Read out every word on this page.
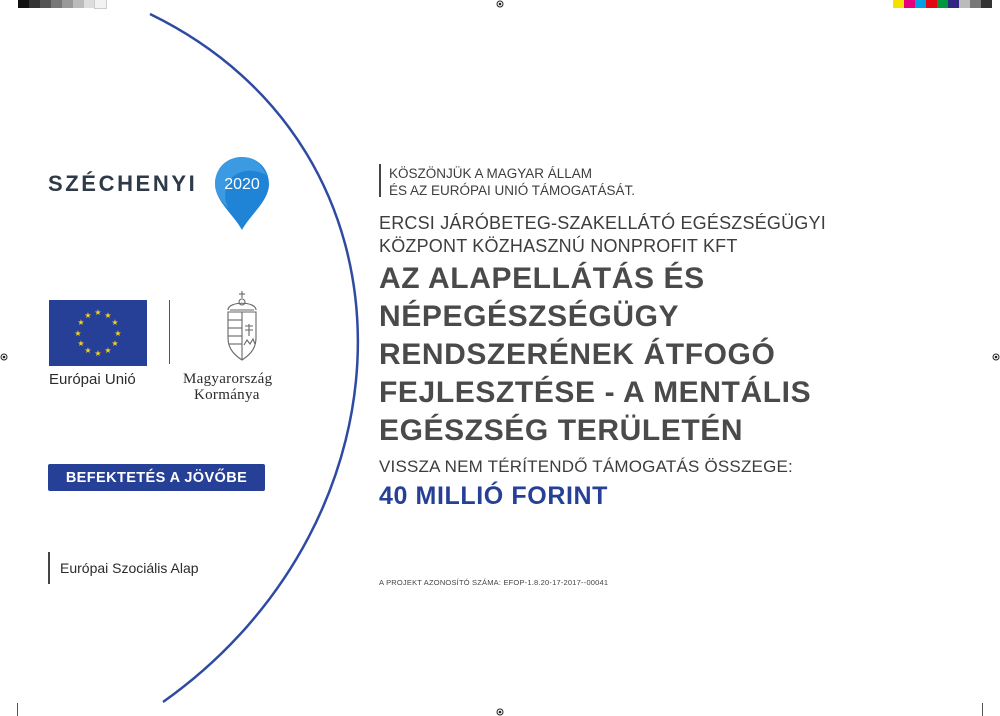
SZÉCHENYI 2020
★ ★
★
★
★
★
★
★
★
★
★
★
Európai Unió	Magyarország
Kormánya
BEFEKTETÉS A JÖVŐBE
Európai Szociális Alap
KÖSZÖNJÜK A MAGYAR ÁLLAM
ÉS AZ EURÓPAI UNIÓ TÁMOGATÁSÁT.
ERCSI JÁRÓBETEG-SZAKELLÁTÓ EGÉSZSÉGÜGYI
KÖZPONT KÖZHASZNÚ NONPROFIT KFT
AZ ALAPELLÁTÁS ÉS
NÉPEGÉSZSÉGÜGY
RENDSZERÉNEK ÁTFOGÓ
FEJLESZTÉSE - A MENTÁLIS
EGÉSZSÉG TERÜLETÉN
VISSZA NEM TÉRÍTENDŐ TÁMOGATÁS ÖSSZEGE:
40 MILLIÓ FORINT
A PROJEKT AZONOSÍTÓ SZÁMA: EFOP-1.8.20-17-2017--00041
